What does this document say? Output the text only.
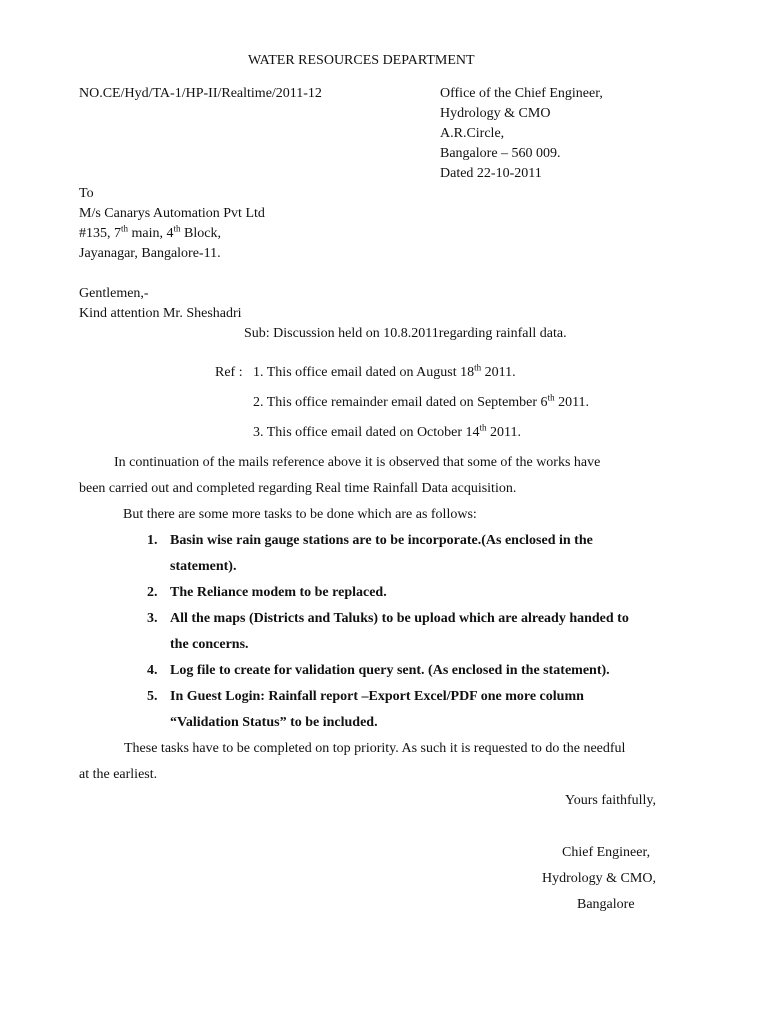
WATER RESOURCES DEPARTMENT
NO.CE/Hyd/TA-1/HP-II/Realtime/2011-12	Office of the Chief Engineer,
Hydrology & CMO
A.R.Circle,
Bangalore – 560 009.
Dated 22-10-2011
To
M/s Canarys Automation Pvt Ltd
#135, 7th main, 4th Block,
Jayanagar, Bangalore-11.
Gentlemen,-
Kind attention Mr. Sheshadri
Sub: Discussion held on 10.8.2011regarding rainfall data.
Ref : 1. This office email dated on August 18th 2011.
2. This office remainder email dated on September 6th 2011.
3. This office email dated on October 14th 2011.
In continuation of the mails reference above it is observed that some of the works have
been carried out and completed regarding Real time Rainfall Data acquisition.
But there are some more tasks to be done which are as follows:
1. Basin wise rain gauge stations are to be incorporate.(As enclosed in the
statement).
2. The Reliance modem to be replaced.
3. All the maps (Districts and Taluks) to be upload which are already handed to
the concerns.
4. Log file to create for validation query sent. (As enclosed in the statement).
5. In Guest Login: Rainfall report –Export Excel/PDF one more column
“Validation Status” to be included.
These tasks have to be completed on top priority. As such it is requested to do the needful
at the earliest.
Yours faithfully,
Chief Engineer,
Hydrology & CMO,
Bangalore
